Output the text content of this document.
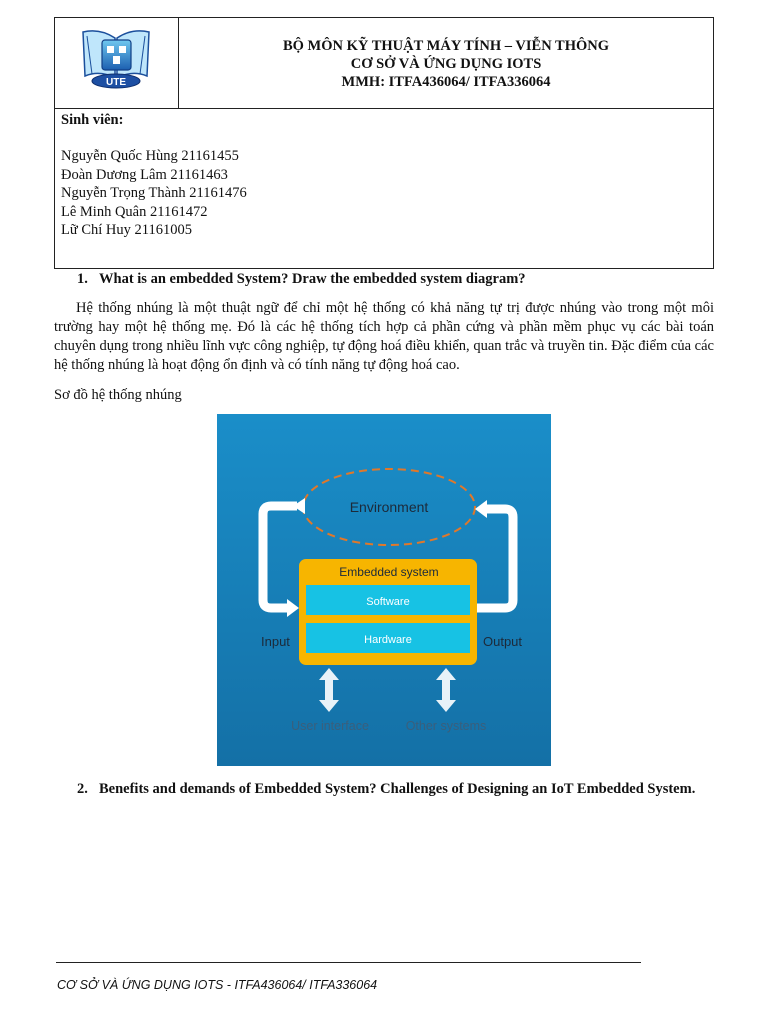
UTE
BỘ MÔN KỸ THUẬT MÁY TÍNH – VIỄN THÔNG
CƠ SỞ VÀ ỨNG DỤNG IOTS
MMH: ITFA436064/ ITFA336064
Sinh viên:
Nguyễn Quốc Hùng 21161455
Đoàn Dương Lâm 21161463
Nguyễn Trọng Thành 21161476
Lê Minh Quân 21161472
Lữ Chí Huy 21161005
1. What is an embedded System? Draw the embedded system diagram?
Hệ thống nhúng là một thuật ngữ để chỉ một hệ thống có khả năng tự trị được nhúng vào trong một môi trường hay một hệ thống mẹ. Đó là các hệ thống tích hợp cả phần cứng và phần mềm phục vụ các bài toán chuyên dụng trong nhiều lĩnh vực công nghiệp, tự động hoá điều khiển, quan trắc và truyền tin. Đặc điểm của các hệ thống nhúng là hoạt động ổn định và có tính năng tự động hoá cao.
Sơ đồ hệ thống nhúng
Environment
Embedded system
Software
Hardware
Input	Output
User interface	Other systems
2. Benefits and demands of Embedded System? Challenges of Designing an IoT Embedded System.
CƠ SỞ VÀ ỨNG DỤNG IOTS - ITFA436064/ ITFA336064
